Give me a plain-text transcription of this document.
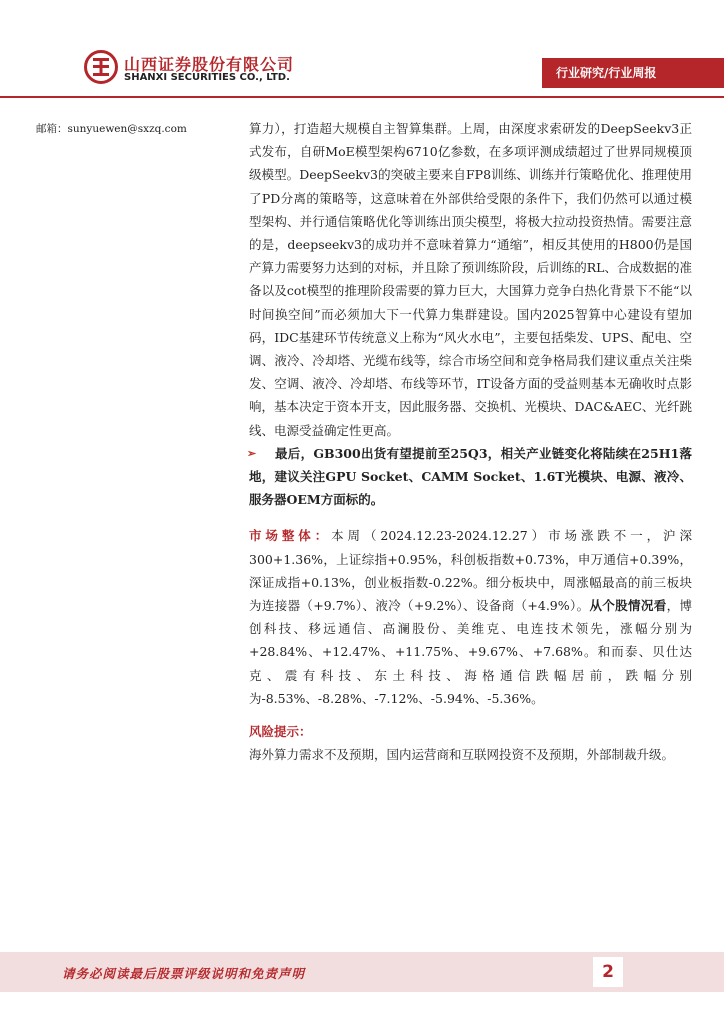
山西证券股份有限公司
SHANXI SECURITIES CO., LTD.	行业研究/行业周报
邮箱：sunyuewen@sxzq.com	算力），打造超大规模自主智算集群。上周，由深度求索研发的DeepSeekv3正式发布，自研MoE模型架构6710亿参数，在多项评测成绩超过了世界同规模顶级模型。DeepSeekv3的突破主要来自FP8训练、训练并行策略优化、推理使用了PD分离的策略等，这意味着在外部供给受限的条件下，我们仍然可以通过模型架构、并行通信策略优化等训练出顶尖模型，将极大拉动投资热情。需要注意的是，deepseekv3的成功并不意味着算力“通缩”，相反其使用的H800仍是国产算力需要努力达到的对标，并且除了预训练阶段，后训练的RL、合成数据的准备以及cot模型的推理阶段需要的算力巨大，大国算力竞争白热化背景下不能“以时间换空间”而必须加大下一代算力集群建设。国内2025智算中心建设有望加码，IDC基建环节传统意义上称为“风火水电”，主要包括柴发、UPS、配电、空调、液冷、冷却塔、光缆布线等，综合市场空间和竞争格局我们建议重点关注柴发、空调、液冷、冷却塔、布线等环节，IT设备方面的受益则基本无确收时点影响，基本决定于资本开支，因此服务器、交换机、光模块、DAC&AEC、光纤跳线、电源受益确定性更高。

➢	最后，GB300出货有望提前至25Q3，相关产业链变化将陆续在25H1落地，建议关注GPU Socket、CAMM Socket、1.6T光模块、电源、液冷、服务器OEM方面标的。

市场整体：本周（2024.12.23-2024.12.27）市场涨跌不一，沪深300+1.36%，上证综指+0.95%，科创板指数+0.73%，申万通信+0.39%，深证成指+0.13%，创业板指数-0.22%。细分板块中，周涨幅最高的前三板块为连接器（+9.7%）、液冷（+9.2%）、设备商（+4.9%）。从个股情况看，博创科技、移远通信、高澜股份、美维克、电连技术领先，涨幅分别为+28.84%、+12.47%、+11.75%、+9.67%、+7.68%。和而泰、贝仕达克、震有科技、东土科技、海格通信跌幅居前，跌幅分别为-8.53%、-8.28%、-7.12%、-5.94%、-5.36%。

风险提示：

海外算力需求不及预期，国内运营商和互联网投资不及预期，外部制裁升级。

请务必阅读最后股票评级说明和免责声明	2
